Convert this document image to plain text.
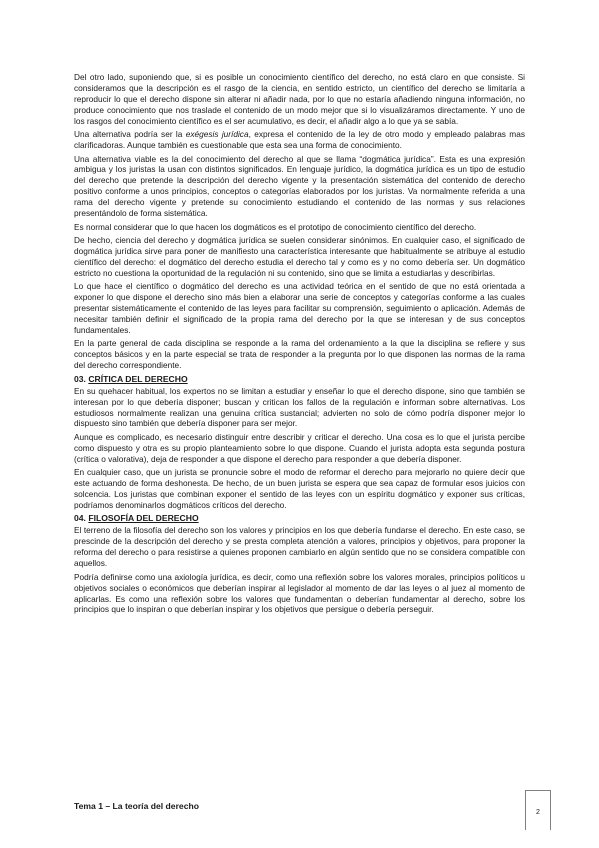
Del otro lado, suponiendo que, si es posible un conocimiento científico del derecho, no está claro en que consiste. Si consideramos que la descripción es el rasgo de la ciencia, en sentido estricto, un científico del derecho se limitaría a reproducir lo que el derecho dispone sin alterar ni añadir nada, por lo que no estaría añadiendo ninguna información, no produce conocimiento que nos traslade el contenido de un modo mejor que si lo visualizáramos directamente. Y uno de los rasgos del conocimiento científico es el ser acumulativo, es decir, el añadir algo a lo que ya se sabía.

Una alternativa podría ser la exégesis jurídica, expresa el contenido de la ley de otro modo y empleado palabras mas clarificadoras. Aunque también es cuestionable que esta sea una forma de conocimiento.

Una alternativa viable es la del conocimiento del derecho al que se llama “dogmática jurídica”. Esta es una expresión ambigua y los juristas la usan con distintos significados. En lenguaje jurídico, la dogmática jurídica es un tipo de estudio del derecho que pretende la descripción del derecho vigente y la presentación sistemática del contenido de derecho positivo conforme a unos principios, conceptos o categorías elaborados por los juristas. Va normalmente referida a una rama del derecho vigente y pretende su conocimiento estudiando el contenido de las normas y sus relaciones presentándolo de forma sistemática.

Es normal considerar que lo que hacen los dogmáticos es el prototipo de conocimiento científico del derecho.

De hecho, ciencia del derecho y dogmática jurídica se suelen considerar sinónimos. En cualquier caso, el significado de dogmática jurídica sirve para poner de manifiesto una característica interesante que habitualmente se atribuye al estudio científico del derecho: el dogmático del derecho estudia el derecho tal y como es y no como debería ser. Un dogmático estricto no cuestiona la oportunidad de la regulación ni su contenido, sino que se limita a estudiarlas y describirlas.

Lo que hace el científico o dogmático del derecho es una actividad teórica en el sentido de que no está orientada a exponer lo que dispone el derecho sino más bien a elaborar una serie de conceptos y categorías conforme a las cuales presentar sistemáticamente el contenido de las leyes para facilitar su comprensión, seguimiento o aplicación. Además de necesitar también definir el significado de la propia rama del derecho por la que se interesan y de sus conceptos fundamentales.

En la parte general de cada disciplina se responde a la rama del ordenamiento a la que la disciplina se refiere y sus conceptos básicos y en la parte especial se trata de responder a la pregunta por lo que disponen las normas de la rama del derecho correspondiente.

03. CRÍTICA DEL DERECHO

En su quehacer habitual, los expertos no se limitan a estudiar y enseñar lo que el derecho dispone, sino que también se interesan por lo que debería disponer; buscan y critican los fallos de la regulación e informan sobre alternativas. Los estudiosos normalmente realizan una genuina crítica sustancial; advierten no solo de cómo podría disponer mejor lo dispuesto sino también que debería disponer para ser mejor.

Aunque es complicado, es necesario distinguir entre describir y criticar el derecho. Una cosa es lo que el jurista percibe como dispuesto y otra es su propio planteamiento sobre lo que dispone. Cuando el jurista adopta esta segunda postura (crítica o valorativa), deja de responder a que dispone el derecho para responder a que debería disponer.

En cualquier caso, que un jurista se pronuncie sobre el modo de reformar el derecho para mejorarlo no quiere decir que este actuando de forma deshonesta. De hecho, de un buen jurista se espera que sea capaz de formular esos juicios con solcencia. Los juristas que combinan exponer el sentido de las leyes con un espíritu dogmático y exponer sus críticas, podríamos denominarlos dogmáticos críticos del derecho.

04. FILOSOFÍA DEL DERECHO

El terreno de la filosofía del derecho son los valores y principios en los que debería fundarse el derecho. En este caso, se prescinde de la descripción del derecho y se presta completa atención a valores, principios y objetivos, para proponer la reforma del derecho o para resistirse a quienes proponen cambiarlo en algún sentido que no se considera compatible con aquellos.

Podría definirse como una axiología jurídica, es decir, como una reflexión sobre los valores morales, principios políticos u objetivos sociales o económicos que deberían inspirar al legislador al momento de dar las leyes o al juez al momento de aplicarlas. Es como una reflexión sobre los valores que fundamentan o deberían fundamentar al derecho, sobre los principios que lo inspiran o que deberían inspirar y los objetivos que persigue o debería perseguir.

Tema 1 – La teoría del derecho
2
